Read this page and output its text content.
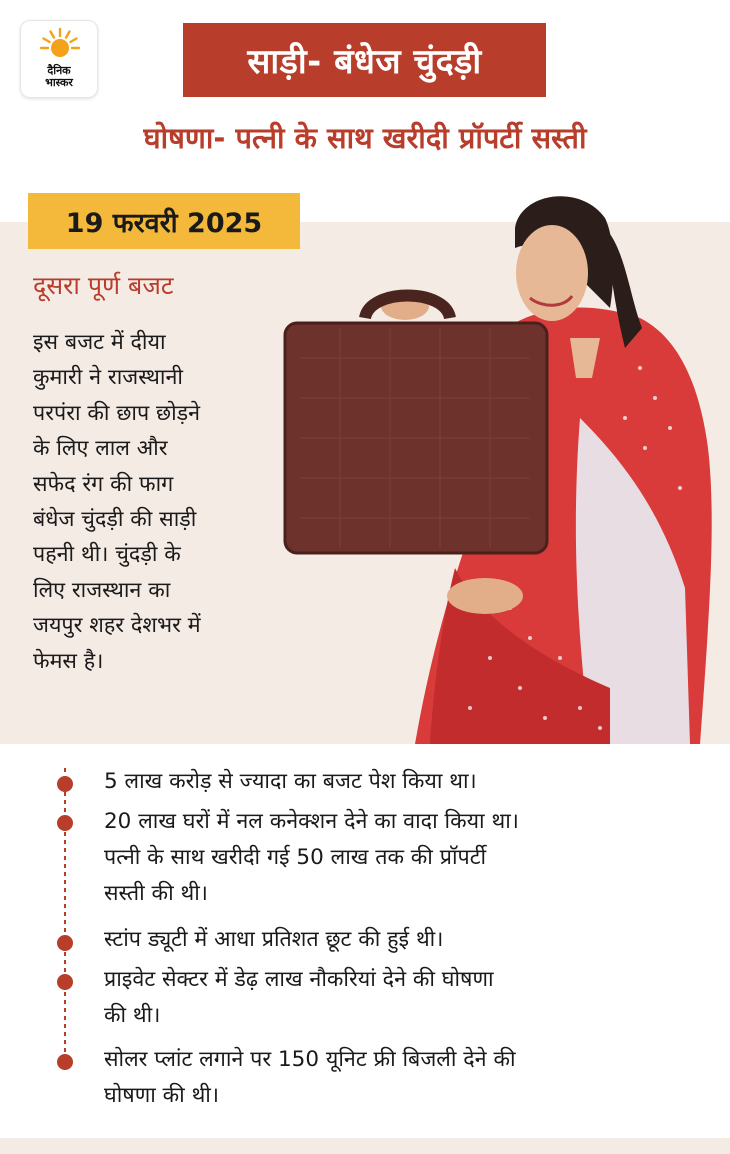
दैनिक
भास्कर
साड़ी- बंधेज चुंदड़ी
घोषणा- पत्नी के साथ खरीदी प्रॉपर्टी सस्ती
19 फरवरी 2025
दूसरा पूर्ण बजट
इस बजट में दीया
कुमारी ने राजस्थानी
परपंरा की छाप छोड़ने
के लिए लाल और
सफेद रंग की फाग
बंधेज चुंदड़ी की साड़ी
पहनी थी। चुंदड़ी के
लिए राजस्थान का
जयपुर शहर देशभर में
फेमस है।
5 लाख करोड़ से ज्यादा का बजट पेश किया था।
20 लाख घरों में नल कनेक्शन देने का वादा किया था।
पत्नी के साथ खरीदी गई 50 लाख तक की प्रॉपर्टी
सस्ती की थी।
स्टांप ड्यूटी में आधा प्रतिशत छूट की हुई थी।
प्राइवेट सेक्टर में डेढ़ लाख नौकरियां देने की घोषणा
की थी।
सोलर प्लांट लगाने पर 150 यूनिट फ्री बिजली देने की
घोषणा की थी।
